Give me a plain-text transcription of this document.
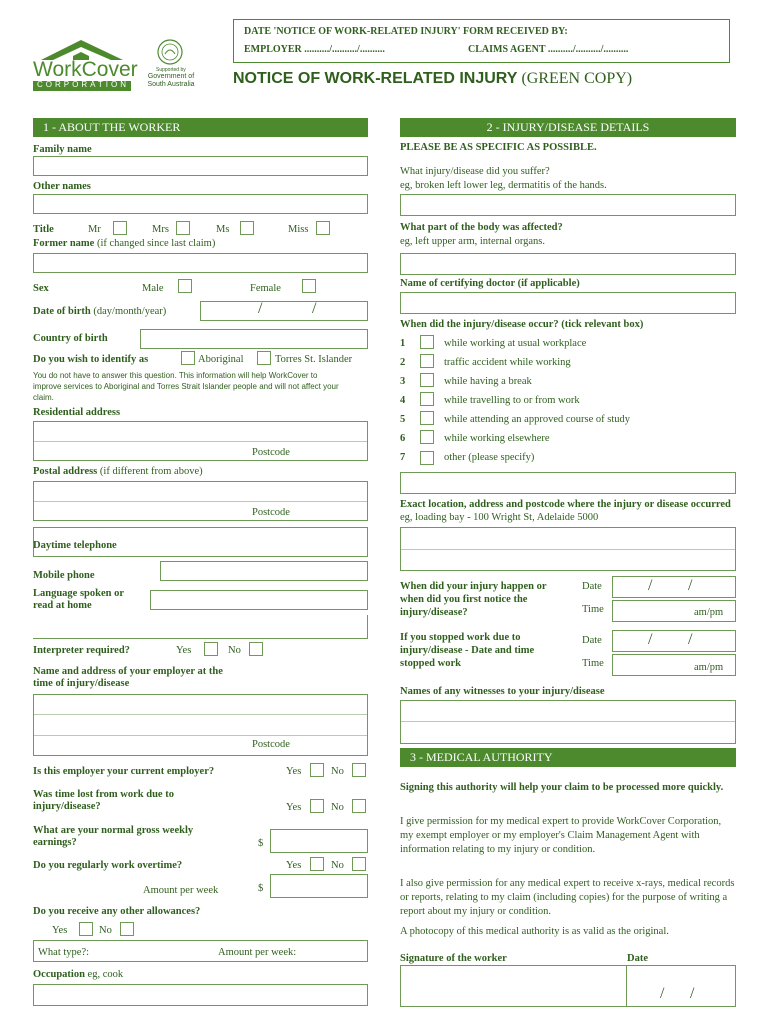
DATE 'NOTICE OF WORK-RELATED INJURY' FORM RECEIVED BY:
EMPLOYER ........../........../..........	CLAIMS AGENT ........../........../..........
WorkCover
CORPORATION
Supported by
Government of South Australia	NOTICE OF WORK-RELATED INJURY (GREEN COPY)
1 - ABOUT THE WORKER
Family name
Other names
Title	Mr	Mrs	Ms	Miss
Former name (if changed since last claim)
Sex	Male	Female
Date of birth (day/month/year)	/	/
Country of birth
Do you wish to identify as	Aboriginal	Torres St. Islander
You do not have to answer this question. This information will help WorkCover to improve services to Aboriginal and Torres Strait Islander people and will not affect your claim.
Residential address
Postcode
Postal address (if different from above)
Postcode
Daytime telephone
Mobile phone
Language spoken or read at home
Interpreter required?	Yes	No
Name and address of your employer at the time of injury/disease
Postcode
Is this employer your current employer?	Yes	No
Was time lost from work due to injury/disease?	Yes	No
What are your normal gross weekly earnings?	$
Do you regularly work overtime?	Yes	No
Amount per week	$
Do you receive any other allowances?
Yes	No
What type?:	Amount per week:
Occupation eg, cook
2 - INJURY/DISEASE DETAILS
PLEASE BE AS SPECIFIC AS POSSIBLE.
What injury/disease did you suffer?
eg, broken left lower leg, dermatitis of the hands.
What part of the body was affected?
eg, left upper arm, internal organs.
Name of certifying doctor (if applicable)
When did the injury/disease occur? (tick relevant box)
1	while working at usual workplace
2	traffic accident while working
3	while having a break
4	while travelling to or from work
5	while attending an approved course of study
6	while working elsewhere
7	other (please specify)
Exact location, address and postcode where the injury or disease occurred eg, loading bay - 100 Wright St, Adelaide 5000
When did your injury happen or when did you first notice the injury/disease?
Date	/ /
Time	am/pm
If you stopped work due to injury/disease - Date and time stopped work
Date	/ /
Time	am/pm
Names of any witnesses to your injury/disease
3 - MEDICAL AUTHORITY
Signing this authority will help your claim to be processed more quickly.
I give permission for my medical expert to provide WorkCover Corporation, my exempt employer or my employer's Claim Management Agent with information relating to my injury or condition.
I also give permission for any medical expert to receive x-rays, medical records or reports, relating to my claim (including copies) for the purpose of writing a report about my injury or condition.
A photocopy of this medical authority is as valid as the original.
Signature of the worker	Date
/ /
